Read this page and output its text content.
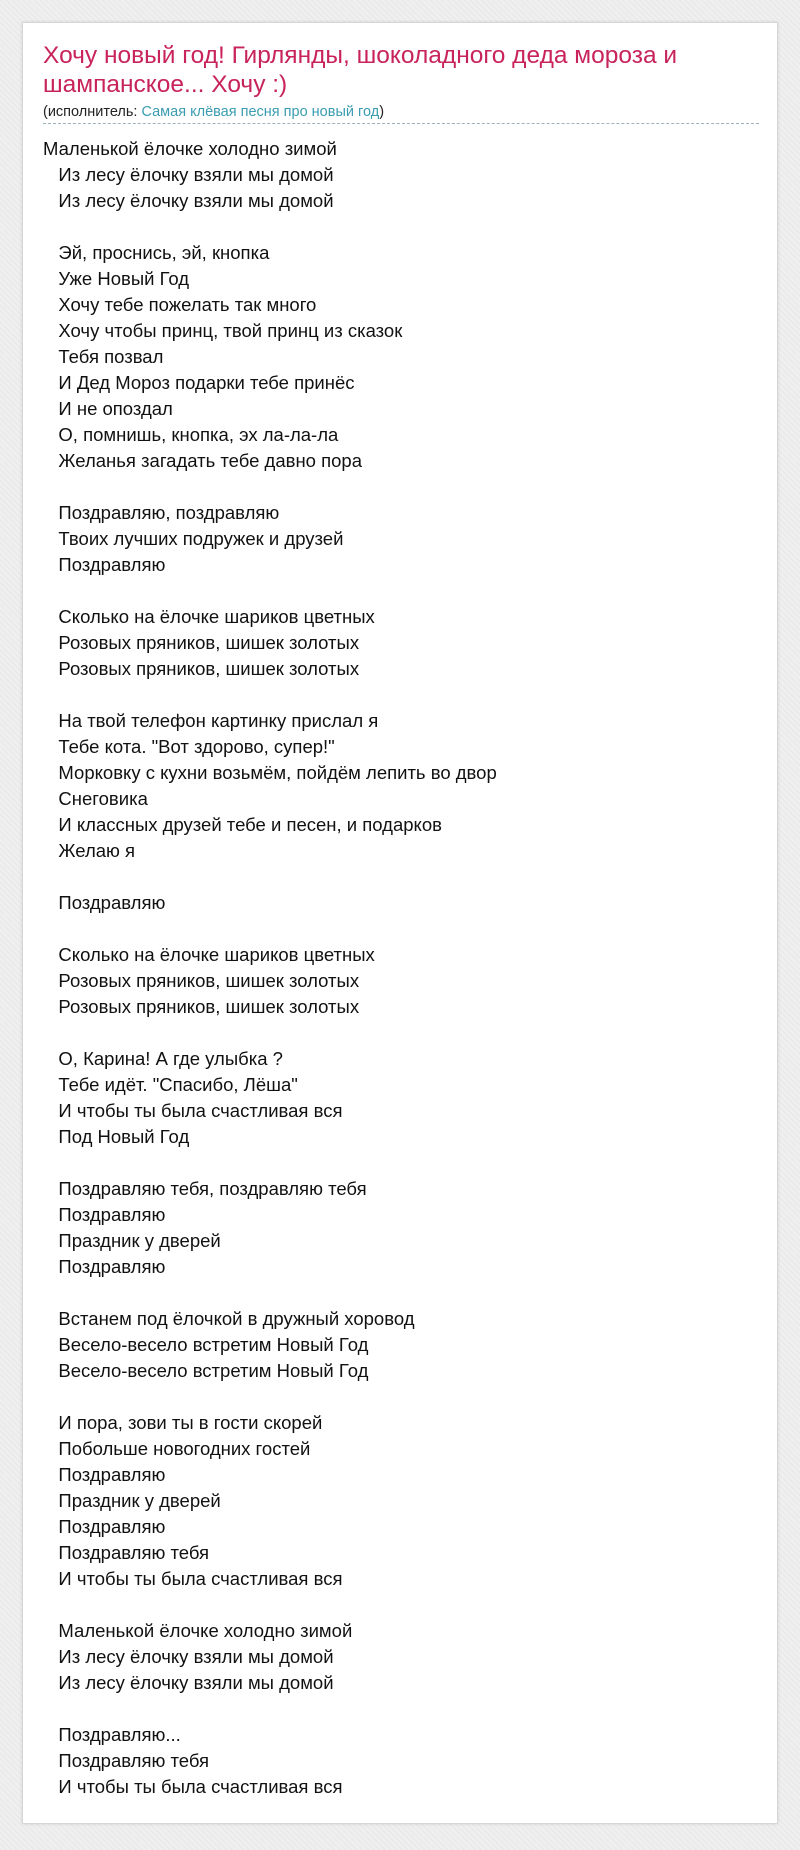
Хочу новый год! Гирлянды, шоколадного деда мороза и шампанское... Хочу :)
(исполнитель: Самая клёвая песня про новый год)
Маленькой ёлочке холодно зимой
Из лесу ёлочку взяли мы домой
Из лесу ёлочку взяли мы домой
Эй, проснись, эй, кнопка
Уже Новый Год
Хочу тебе пожелать так много
Хочу чтобы принц, твой принц из сказок
Тебя позвал
И Дед Мороз подарки тебе принёс
И не опоздал
О, помнишь, кнопка, эх ла-ла-ла
Желанья загадать тебе давно пора
Поздравляю, поздравляю
Твоих лучших подружек и друзей
Поздравляю
Сколько на ёлочке шариков цветных
Розовых пряников, шишек золотых
Розовых пряников, шишек золотых
На твой телефон картинку прислал я
Тебе кота. "Вот здорово, супер!"
Морковку с кухни возьмём, пойдём лепить во двор
Снеговика
И классных друзей тебе и песен, и подарков
Желаю я
Поздравляю
Сколько на ёлочке шариков цветных
Розовых пряников, шишек золотых
Розовых пряников, шишек золотых
О, Карина! А где улыбка ?
Тебе идёт. "Спасибо, Лёша"
И чтобы ты была счастливая вся
Под Новый Год
Поздравляю тебя, поздравляю тебя
Поздравляю
Праздник у дверей
Поздравляю
Встанем под ёлочкой в дружный хоровод
Весело-весело встретим Новый Год
Весело-весело встретим Новый Год
И пора, зови ты в гости скорей
Побольше новогодних гостей
Поздравляю
Праздник у дверей
Поздравляю
Поздравляю тебя
И чтобы ты была счастливая вся
Маленькой ёлочке холодно зимой
Из лесу ёлочку взяли мы домой
Из лесу ёлочку взяли мы домой
Поздравляю...
Поздравляю тебя
И чтобы ты была счастливая вся
